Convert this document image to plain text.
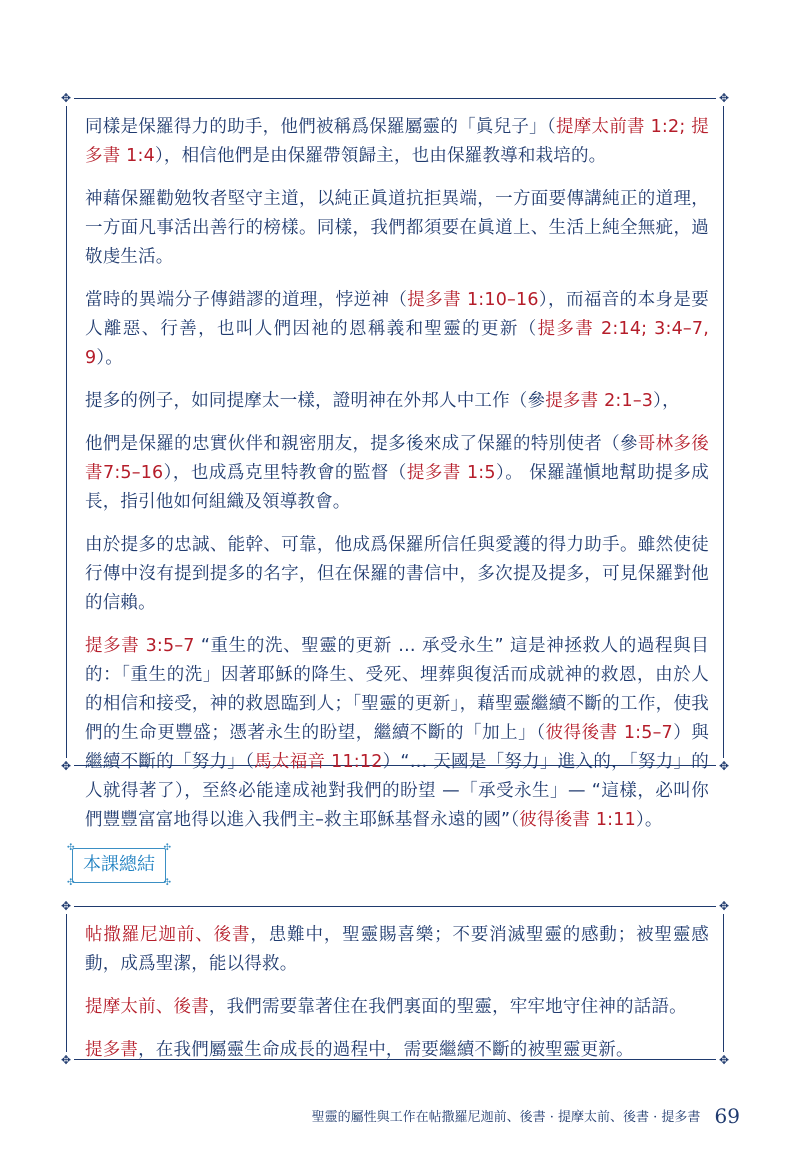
✥	✥
✥	✥

同樣是保羅得力的助手，他們被稱爲保羅屬靈的「眞兒子」（提摩太前書 1:2; 提多書 1:4），相信他們是由保羅帶領歸主，也由保羅教導和栽培的。

神藉保羅勸勉牧者堅守主道，以純正眞道抗拒異端，一方面要傳講純正的道理，一方面凡事活出善行的榜樣。同樣，我們都須要在眞道上、生活上純全無疵，過敬虔生活。

當時的異端分子傳錯謬的道理，悖逆神（提多書 1:10–16），而福音的本身是要人離惡、行善，也叫人們因祂的恩稱義和聖靈的更新（提多書 2:14; 3:4–7, 9）。

提多的例子，如同提摩太一樣，證明神在外邦人中工作（參提多書 2:1–3），

他們是保羅的忠實伙伴和親密朋友，提多後來成了保羅的特別使者（參哥林多後書7:5–16），也成爲克里特教會的監督（提多書 1:5）。 保羅謹愼地幫助提多成長，指引他如何組織及領導教會。

由於提多的忠誠、能幹、可靠，他成爲保羅所信任與愛護的得力助手。雖然使徒行傳中沒有提到提多的名字，但在保羅的書信中，多次提及提多，可見保羅對他的信賴。

提多書 3:5–7 “重生的洗、聖靈的更新 … 承受永生” 這是神拯救人的過程與目的：「重生的洗」因著耶穌的降生、受死、埋葬與復活而成就神的救恩，由於人的相信和接受，神的救恩臨到人；「聖靈的更新」，藉聖靈繼續不斷的工作，使我們的生命更豐盛；憑著永生的盼望，繼續不斷的「加上」（彼得後書 1:5–7）與繼續不斷的「努力」（馬太福音 11:12）“… 天國是「努力」進入的，「努力」的人就得著了），至終必能達成祂對我們的盼望 —「承受永生」— “這樣，必叫你們豐豐富富地得以進入我們主–救主耶穌基督永遠的國”（彼得後書 1:11）。

✣	✣
✣	✣
本課總結
✥	✥
✥	✥

帖撒羅尼迦前、後書，患難中，聖靈賜喜樂；不要消滅聖靈的感動；被聖靈感動，成爲聖潔，能以得救。

提摩太前、後書，我們需要靠著住在我們裏面的聖靈，牢牢地守住神的話語。

提多書，在我們屬靈生命成長的過程中，需要繼續不斷的被聖靈更新。

聖靈的屬性與工作在帖撒羅尼迦前、後書 · 提摩太前、後書 · 提多書 69
